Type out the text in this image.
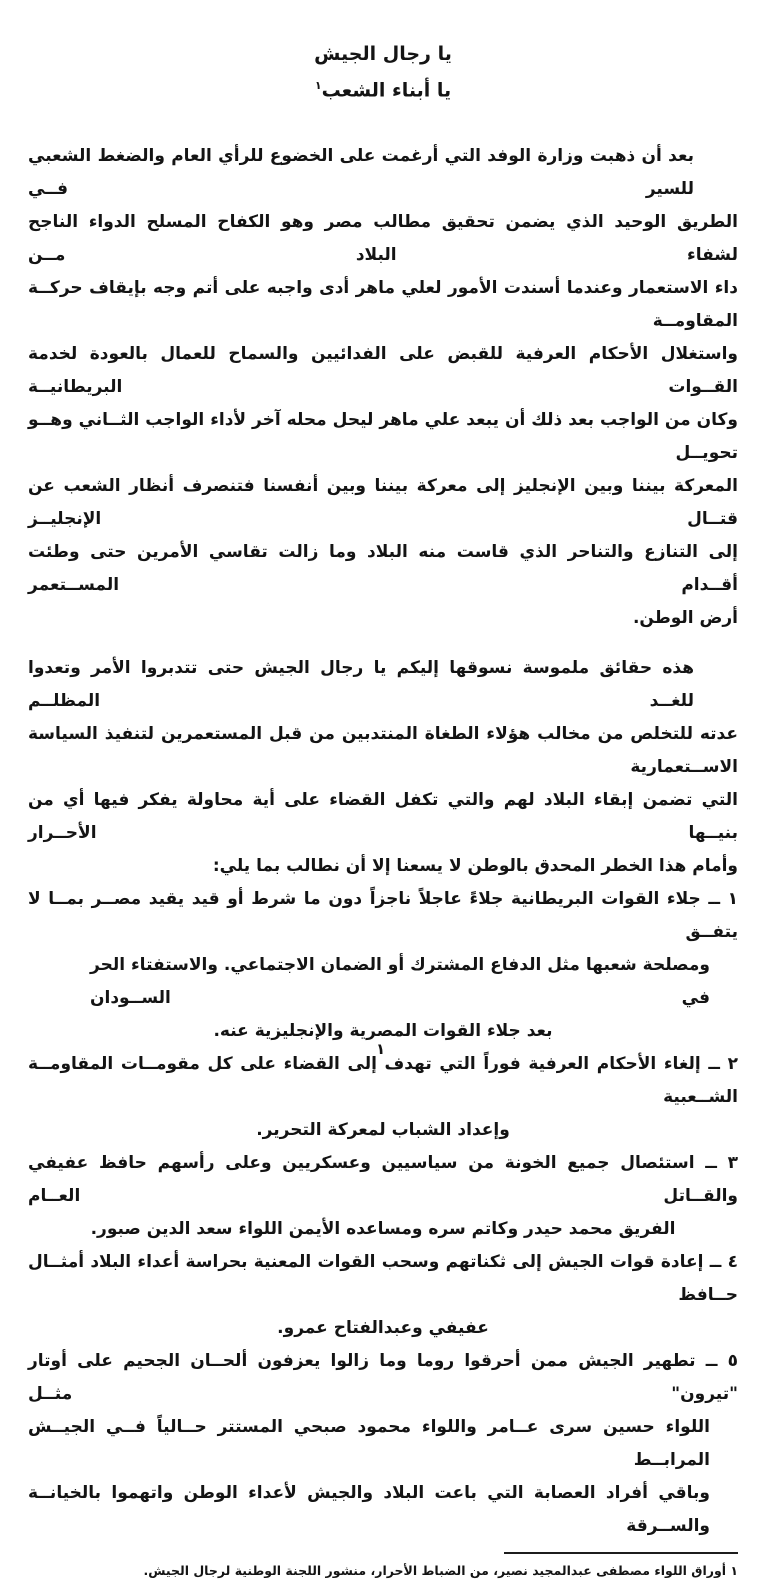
يا رجال الجيش
يا أبناء الشعب$^١$
بعد أن ذهبت وزارة الوفد التي أرغمت على الخضوع للرأي العام والضغط الشعبي للسير فــي
الطريق الوحيد الذي يضمن تحقيق مطالب مصر وهو الكفاح المسلح الدواء الناجح لشفاء البلاد مــن
داء الاستعمار وعندما أسندت الأمور لعلي ماهر أدى واجبه على أتم وجه بإيقاف حركــة المقاومــة
واستغلال الأحكام العرفية للقبض على الفدائيين والسماح للعمال بالعودة لخدمة القــوات البريطانيــة
وكان من الواجب بعد ذلك أن يبعد علي ماهر ليحل محله آخر لأداء الواجب الثــاني وهــو تحويــل
المعركة بيننا وبين الإنجليز إلى معركة بيننا وبين أنفسنا فتنصرف أنظار الشعب عن قتــال الإنجليــز
إلى التنازع والتناحر الذي قاست منه البلاد وما زالت تقاسي الأمرين حتى وطئت أقــدام المســتعمر
أرض الوطن.
هذه حقائق ملموسة نسوقها إليكم يا رجال الجيش حتى تتدبروا الأمر وتعدوا للغــد المظلــم
عدته للتخلص من مخالب هؤلاء الطغاة المنتدبين من قبل المستعمرين لتنفيذ السياسة الاســتعمارية
التي تضمن إبقاء البلاد لهم والتي تكفل القضاء على أية محاولة يفكر فيها أي من بنيــها الأحــرار
وأمام هذا الخطر المحدق بالوطن لا يسعنا إلا أن نطالب بما يلي:
١ ــ جلاء القوات البريطانية جلاءً عاجلاً ناجزاً دون ما شرط أو قيد يقيد مصــر بمــا لا يتفــق
ومصلحة شعبها مثل الدفاع المشترك أو الضمان الاجتماعي. والاستفتاء الحر في الســودان
بعد جلاء القوات المصرية والإنجليزية عنه.
٢ ــ إلغاء الأحكام العرفية فوراً التي تهدف إلى القضاء على كل مقومــات المقاومــة الشــعبية
وإعداد الشباب لمعركة التحرير.
٣ ــ استئصال جميع الخونة من سياسيين وعسكريين وعلى رأسهم حافظ عفيفي والقــاتل العــام
الفريق محمد حيدر وكاتم سره ومساعده الأيمن اللواء سعد الدين صبور.
٤ ــ إعادة قوات الجيش إلى ثكناتهم وسحب القوات المعنية بحراسة أعداء البلاد أمثــال حــافظ
عفيفي وعبدالفتاح عمرو.
٥ ــ تطهير الجيش ممن أحرقوا روما وما زالوا يعزفون ألحــان الجحيم على أوتار "تيرون" مثــل
اللواء حسين سرى عــامر واللواء محمود صبحي المستتر حــالياً فــي الجيــش المرابــط
وباقي أفراد العصابة التي باعت البلاد والجيش لأعداء الوطن واتهموا بالخيانــة والســرقة
١ أوراق اللواء مصطفى عبدالمجيد نصير، من الضباط الأحرار، منشور اللجنة الوطنية لرجال الجيش.
١
